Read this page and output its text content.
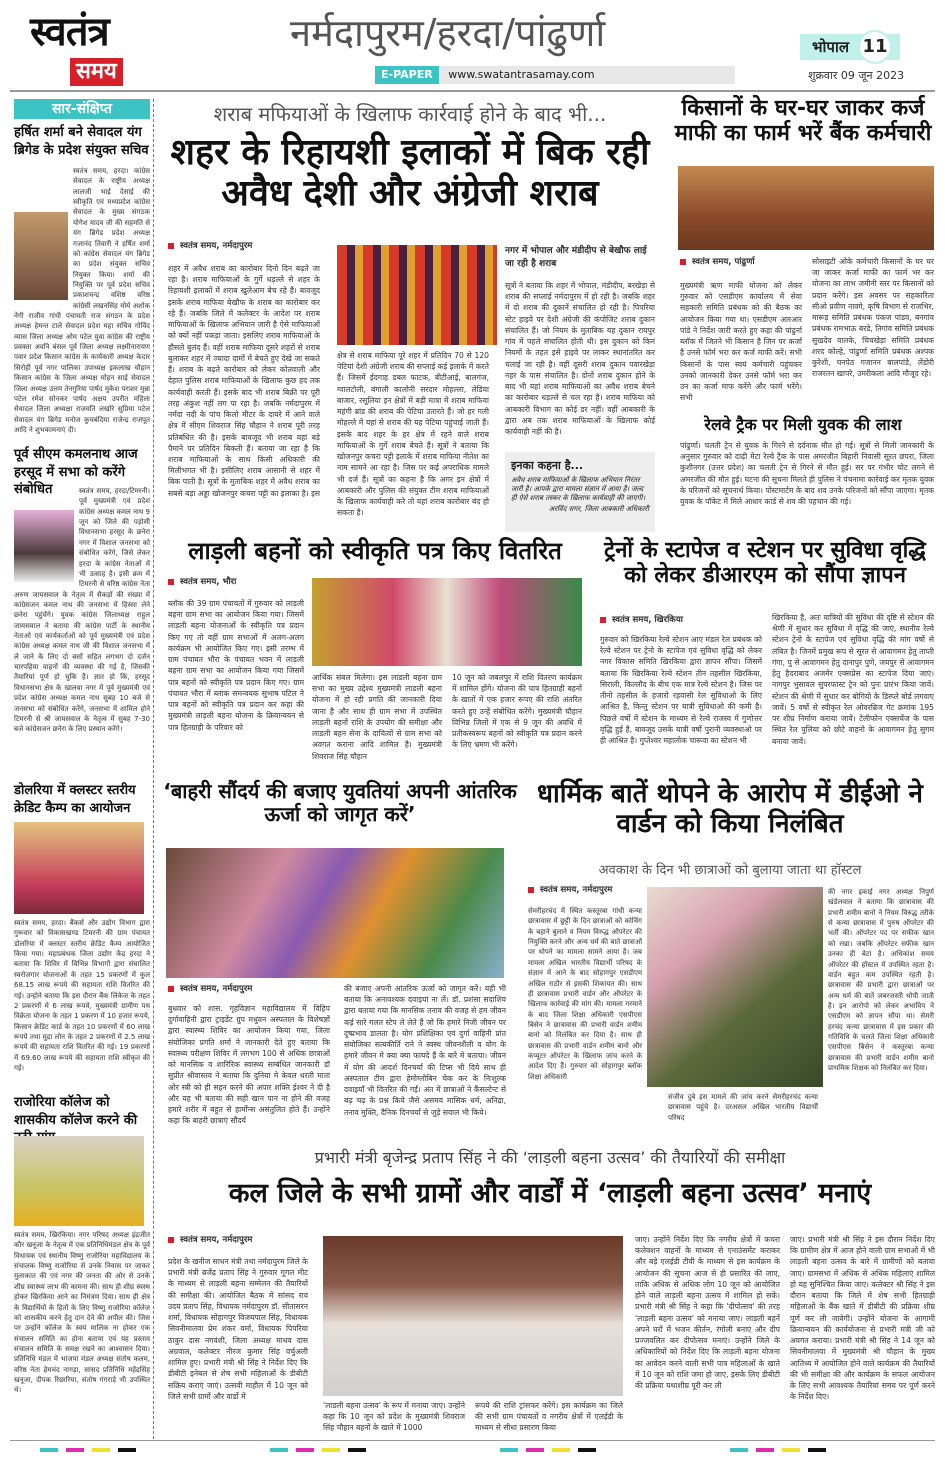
स्वतंत्र
समय
नर्मदापुरम/हरदा/पांढुर्णा
E-PAPER www.swatantrasamay.com
भोपाल 11
शुक्रवार 09 जून 2023
सार-संक्षिप्त
हर्षित शर्मा बने सेवादल यंग ब्रिगेड के प्रदेश संयुक्त सचिव
स्वतंत्र समय, हरदा। कांग्रेस सेवादल के राष्ट्रीय अध्यक्ष लालजी भाई देसाई की स्वीकृति एवं मध्यप्रदेश कांग्रेस सेवादल के मुख्य संगठक योगेश यादव जी की सहमति से यंग ब्रिगेड प्रदेश अध्यक्ष गजानंद तिवारी ने हर्षित शर्मा को कांग्रेस सेवादल यंग ब्रिगेड का प्रदेश संयुक्त सचिव नियुक्त किया। शर्मा की नियुक्ति पर पूर्व प्रदेश सचिव प्रकाशचन्द्र वशिष्ठ वरिष्ठ कांग्रेसी लखनसिंह मोर्य अशोक नेगी राजीव गांधी पंचायती राज संगठन के प्रदेश अध्यक्ष हेमन्त टाले सेवादल प्रदेश महा सचिव गोविंद व्यास जिला अध्यक्ष ओम पटेल युवा कांग्रेस की राष्ट्रीय प्रवक्ता अवनि बंसल पूर्व जिला अध्यक्ष लक्ष्मीनारायण पवार प्रदेश किसान कांग्रेस के कार्यकारी अध्यक्ष केदार सिरोही पूर्व नगर पालिका उपाध्यक्ष इकलाख चौहान किसान कांग्रेस के जिला अध्यक्ष मोहन साई सेवादल जिला अध्यक्ष उत्तम तेनगुरिया पार्षद मुकेश पराशर मुन्ना पटेल रमेश सोनकर पार्षद अक्षय उपरीत महिला सेवादल जिला अध्यक्षा राजवति लखोरे सुप्रिया पटेल सेवादल यंग ब्रिगेड मनोज कुचबंदिया राजेन्द्र राजपूत आदि ने शुभकामनाएं दी।
पूर्व सीएम कमलनाथ आज हरसूद में सभा को करेंगे संबोधित	स्वतंत्र समय, हरदा/टिमरनी। पूर्व मुख्यमंत्री एवं प्रदेश कांग्रेस अध्यक्ष कमल नाथ 9 जून को जिले की पड़ोसी विधानसभा हरसूद के छनेरा नगर में विशाल जनसभा को संबोधित करेंगे, जिसे लेकर हरदा के कांग्रेस नेताओं में भी उत्साह है। इसी क्रम में टिमरनी से वरिष्ठ कांग्रेस नेता अरुण जायसवाल के नेतृत्व में सैकड़ों की संख्या में कांग्रेसजन कमल नाथ की जनसभा में हिस्सा लेने छनेरा पहुंचेंगे। युवक कांग्रेस जिलाध्यक्ष राहुल जायसवाल ने बताया की कांग्रेस पार्टी के स्थानीय नेताओ एवं कार्यकर्ताओं को पूर्व मुख्यमंत्री एवं प्रदेश कांग्रेस अध्यक्ष कमल नाथ जी की विशाल जनसभा में ले जाने के लिए दो बसों सहित लगभग दो दर्जन चारपहिया वाहनों की व्यवस्था की गई है, जिसकी तैयारियां पूर्ण हो चुकि है। ज्ञात हो कि, हरसूद विधानसभा क्षेत्र के खालवा नगर में पूर्व मुख्यमंत्री एवं प्रदेश कांग्रेस अध्यक्ष कमल नाथ सुबह 10 बजे से जनसभा को संबोधित करेंगे, जनसभा में शामिल होने टिमरनी से श्री जायसवाल के नेतृत्व में सुबह 7-30 बजे कांग्रेसजन छनेरा के लिए प्रस्थान करेंगे।
डोलरिया में क्लस्टर स्तरीय क्रेडिट कैम्प का आयोजन
स्वतंत्र समय, हरदा। बैंकर्स और उद्योग विभाग द्वारा गुरूवार को विकासखण्ड टिमरनी की ग्राम पंचायत डोलरिया में क्लस्टर स्तरीय क्रेडिट कैम्प आयोजित किया गया। महाप्रबंधक जिला उद्योग केंद्र हरदा ने बताया कि शिविर में विभिन्न विभागों द्वारा संचालित स्वरोजगार योजनाओं के तहत 15 प्रकरणों में कुल 68.15 लाख रूपये की सहायता राशि वितरित की गई। उन्होने बताया कि इस दौरान बैंक लिंकेज के तहत 2 प्रकरणों मे 6 लाख रूपये, मुख्यमंत्री ग्रामीण पथ विक्रेता योजना के तहत 1 प्रकरण में 10 हजार रूपये, किसान क्रेडिट कार्ड के तहत 10 प्रकरणों में 60 लाख रूपये तथा मुद्रा लोन के तहत 2 प्रकरणों में 2.5 लाख रूपये की सहायता राशि वितरित की गई। 19 प्रकरणों में 69.60 लाख रूपये की सहायता राशि स्वीकृत की गई।
राजोरिया कॉलेज को शासकीय कॉलेज करने की
स्वतंत्र समय, खिरकिया। नगर परिषद अध्यक्ष इंद्रजीत कौर खनूजा के नेतृत्व में एक प्रतिनिधिमंडल क्षेत्र के पूर्व विधायक एवं स्थानीय विष्णु राजोरिया महाविद्यालय के संचालक विष्णु राजोरिया से उनके निवास पर जाकर मुलाकात की एवं नगर की जनता की ओर से उनके शीघ्र स्वास्थ्य लाभ की कामना की। साथ ही शीघ्र स्वस्थ होकर खिरकिया आने का निमंत्रण दिया। साथ ही क्षेत्र के विद्यार्थियों के हितों के लिए विष्णु राजोरिया कॉलेज को शासकीय करने हेतु दान देने की अपील की। जिस पर उन्होंने कॉलेज के स्वयं मालिक ना होकर एक संचालन समिति का होना बताया एवं यह प्रस्ताव संचालन समिति के समक्ष रखने का आश्वासन दिया। प्रतिनिधि मंडल में भाजपा मंडल अध्यक्ष संतोष कलम, वरिष्ठ नेता हेमचंद नागड़ा, सांसद प्रतिनिधि महेंद्रसिंह खनूजा, दीपक रिछारिया, संतोष गंगराड़े भी उपस्थित थे।
शराब मफियाओं के खिलाफ कार्रवाई होने के बाद भी...
शहर के रिहायशी इलाकों में बिक रही अवैध देशी और अंग्रेजी शराब
स्वतंत्र समय, नर्मदापुरम
शहर में अवैध शराब का कारोबार दिनो दिन बढ़ते जा रहा है। शराब माफियाओं के गुर्गे धड़ल्ले से शहर के रिहायशी इलाकों में शराब खुलेआम बेच रहे हैं। बावजूद इसके शराब माफिया बेखौफ के शराब का कारोबार कर रहे हैं। जबकि जिले में कलेक्टर के आदेश पर शराब माफियाओं के खिलाफ अभियान जारी है ऐसे माफियाओं को क्यों नहीं पकड़ा जाता। इसलिए शराब माफियाओं के हौसले बुलंद हैं। वहीं शराब माफिया दूसरे शहरों से शराब बुलाकर शहर में ज्यादा दामों में बेचते हुए देखे जा सकते हैं। शराब के बढ़ते कारोबार को लेकर कोतवाली और देहात पुलिस शराब माफियाओं के खिलाफ कुछ हद तक कार्यवाही करती हैं। इसके बाद भी शराब बिक्री पर पूरी तरह अंकुश नहीं लग पा रहा है। जबकि नर्मदापुरम में नर्मदा नदी के पांच किलो मीटर के दायरे में आने वाले क्षेत्र में सीएम शिवराज सिंह चौहान ने शराब पूरी तरह प्रतिबंधित की है। इसके बावजूद भी शराब यहां बड़े पैमाने पर प्रतिदिन बिकती हैं। बताया जा रहा है कि शराब माफियाओं के साथ किसी अधिकारी की मिलीभगत भी है। इसीलिए शराब आसानी से शहर में बिक पाती है। सूत्रों के मुताबिक शहर में अवैध शराब का सबसे बड़ा अड्डा खोजनपुर कचरा पट्टी का इलाका है। इस
क्षेत्र से शराब माफिया पूरे शहर में प्रतिदिन 70 से 120 पेटियां देशी अंग्रेजी शराब की सप्लाई कई इलाके में करते हैं। जिसमें ईदगाह डबल फाटक, बीटीआई, बालगंज, ग्वालटोली, बंगाली कालोनी सरदार मोहल्ला, लेडिया बाजार, रसूलिया इन क्षेत्रों में बड़ी मात्रा में शराब माफिया महंगी ब्रांड की शराब की पेटिया उतारते हैं। जो हर गली मोहल्ले में यहां से शराब की यह पेटिया पहुंचाई जाती हैं। इसके बाद शहर के हर क्षेत्र में रहने वाले शराब माफियाओं के गुर्गे शराब बेचते हैं। सूत्रों ने बताया कि खोजनपुर कचरा पट्टी इलाके में शराब माफिया नीतेश का नाम सामने आ रहा है। जिस पर कई अपराधिक मामले भी दर्ज हैं। सूत्रों का कहना है कि अगर इन क्षेत्रों में आबकारी और पुलिस की संयुक्त टीम शराब माफियाओं के खिलाफ कार्यवाही करे तो यहां शराब कारोबार बंद हो सकता है।
नगर में भोपाल और मंडीदीप से बेखौफ लाई जा रही है शराब
सूत्रों ने बताया कि शहर में भोपाल, मंडीदीप, बरखेड़ा से शराब की सप्लाई नर्मदापुरम में हो रही है। जबकि शहर में दो शराब की दुकानें संचालित हो रही है। पिपरिया स्टेट हाइवे पर देशी अंग्रेजी की कंपोजिट शराब दुकान संचालित हैं। जो नियम के मुताबिक यह दुकान रायपुर गांव में पहले संचालित होती थी। इस दुकान को किन नियमों के तहत इसे हाइवे पर लाकर स्थानांतरित कर चलाई जा रही है। वहीं दूसरी शराब दुकान पवारखेड़ा नहर के पास संचालित है। दोनों शराब दुकान होने के बाद भी यहां शराब माफियाओं का अवैध शराब बेचने का कारोबार धड़ल्ले से चल रहा है। शराब माफिया को आबकारी विभाग का कोई डर नहीं। वहीं आबकारी के द्वारा अब तक शराब माफियाओं के खिलाफ कोई कार्यवाही नहीं की है।
इनका कहना है...
अवैध शराब माफियाओं के खिलाफ अभियान निरंतर जारी है। आपके द्वारा मामला संज्ञान में आया है। जल्द ही ऐसे शराब तस्कर के खिलाफ कार्यवाही की जाएगी।
अरविंद सगर, जिला आबकारी अधिकारी
किसानों के घर-घर जाकर कर्ज माफी का फार्म भरें बैंक कर्मचारी
स्वतंत्र समय, पांढुर्णा
मुख्यमंत्री ऋण माफी योजना को लेकर गुरुवार को एसडीएम कार्यालय में सेवा सहकारी समिति प्रबंधक को की बैठक का आयोजन किया गया था। एसडीएम आरआर पांडे ने निर्देश जारी करते हुए कहा की पांढुर्ना ब्लॉक में जितने भी किसान है जिन पर कर्जा है उनसे फॉर्म भरा कर कर्ज माफी करें। सभी किसानों के पास स्वयं कर्मचारी पहुंचकर उनको जानकारी देकर उनसे फॉर्म भरा कर उन का कर्जा माफ करेंगे और फार्म भरेंगे। सभी
सोसाइटी ओके कर्मचारी किसानों के घर घर जा जाकर कर्जा माफी का फार्म भर कर योजना का लाभ जमीनी स्तर पर किसानों को प्रदान करेंगे। इस अवसर पर सहकारिता सीओ प्रवीण नावगे, कृषि विभाग से राजभिर, मारूड़ समिति प्रबंधक पंकज पांडव, बनगांव प्रबंधक रामभाऊ बरडे, तिगांव समिति प्रबंधक सुखदेव वालके, चिचखेड़ा समिति प्रबंधक शरद कोल्हे, पांढुर्णा समिति प्रबंधक अश्पक कुरेशी, घनपेठ गजानन बालपांडे, लेंडोरी राजरतन खापरे, उमरीकला आदि मौजूद रहे।
रेलवे ट्रैक पर मिली युवक की लाश
पांढुर्णा। चलती ट्रेन से युवक के गिरने से दर्दनाक मौत हो गई। सूत्रों से मिली जानकारी के अनुसार गुरुवार को दाढ़ी मेटा रेल्वे ट्रैक के पास अमरजीत बिहारी निवासी सूरत छपरा, जिला कुशीनगर (उत्तर प्रदेश) का चलती ट्रेन से गिरने से मौत हुई। सर पर गंभीर चोट लगने से अमरजीत की मौत हुई। घटना की सूचना मिलते ही पुलिस ने पंचनामा कार्रवाई कर मृतक युवक के परिजनों को सूचनार्थ किया। पोस्टमार्टम के बाद शव उनके परिजनों को सौंपा जाएगा। मृतक युवक के पॉकेट में मिले आधार कार्ड से शव की पहचान की गई।
लाड़ली बहनों को स्वीकृति पत्र किए वितरित
स्वतंत्र समय, भौरा
ब्लॉक की 39 ग्राम पंचायतों में गुरुवार को लाड़ली बहना ग्राम सभा का आयोजन किया गया। जिसमें लाड़ली बहना योजनाओं के स्वीकृति पत्र प्रदान किए गए तो वहीं ग्राम सभाओं में अलग-अलग कार्यक्रम भी आयोजित किए गए। इसी तरम्भ में ग्राम पंचायत भौरा के पंचायत भवन में लाड़ली बहना ग्राम सभा का आयोजन किया गया जिसमें पात्र बहनों को स्वीकृति पत्र प्रदान किए गए। ग्राम पंचायत भौरा में ब्लाक समन्वयक सुभाष पटिल ने पात्र बहनों को स्वीकृति पत्र प्रदान कर कहा की मुख्यमंत्री लाड़ली बहना योजना के क्रियान्वयन से पात्र हितग्राही के परिवार को
आर्थिक संबल मिलेगा। इस लाडली बहना ग्राम सभा का मुख्य उद्देश्य मुख्यमंत्री लाडली बहना योजना में हो रही प्रगति की जानकारी दिया जाना है और साथ ही ग्राम सभा में उपस्थित लाड़ली बहनों राशि के उपयोग की समीक्षा और लाडली बहन सेना के दायित्वों से ग्राम सभा को अवगत कराना आदि शामिल है। मुख्यमंत्री शिवराज सिंह चौहान
10 जून को जबलपुर में राशि वितरण कार्यक्रम में शामिल होंगे। योजना की पात्र हितग्राही बहनों के खातों में एक हजार रूपए की राशि अंतरित करते हुए उन्हें संबोधित करेंगे। मुख्यमंत्री चौहान विभिन्न जिलों में एक से 9 जून की अवधि में प्रतीकस्वरूप बहनों को स्वीकृति पत्र प्रदान करने के लिए भ्रमण भी करेंगे।
ट्रेनों के स्टापेज व स्टेशन पर सुविधा वृद्धि को लेकर डीआरएम को सौंपा ज्ञापन
स्वतंत्र समय, खिरकिया
गुरुवार को खिरकिया रेल्वे स्टेशन आए मंडल रेल प्रबंधक को रेल्वे स्टेशन पर ट्रेनो के स्टापेज एवं सुविधा वृद्धि को लेकर नगर विकास समिति खिरकिया द्वारा ज्ञापन सौंपा। जिसमें बताया कि खिरकिया रेल्वे स्टेशन तीन तहसील खिरकिया, सिराली, किल्लौद के बीच एक मात्र रेल्वे स्टेशन है। जिस पर तीनो तहसील के हजारो रहवासी रेल सुविधाओ के लिए आश्रित है, किन्तु स्टेशन पर यात्री सुविधाओ की कमी है। पिछले वर्षो में स्टेशन के माध्यम से रेल्वे राजस्व में गुणोत्तर वृद्धि हुई है, बावजूद उसके यात्री वर्षो पुरानी व्यवस्थाओ पर ही आश्रित है। गुप्तेश्वर महालोक चारूवा का स्टेशन भी
खिरकिया है, अतः यात्रियों की सुविधा की दृष्टि से स्टेशन की श्रेणी में सुधार कर सुविधा में वृद्धि की जाएं, स्थानीय रेल्वे स्टेशन ट्रेनो के स्टापेज एवं सुविधा वृद्धि की मांग वर्षो से लंबित है। जिनमें प्रमुख रूप से सूरत से आवागमन हेतु ताप्ती गंगा, पु से आवागमन हेतु दानापुर पुणे, जयपुर से आवागमन हेतु हैदराबाद अजमेर एक्सप्रेस का स्टापेज दिया जाएं। नागपुर भुसावल सुपरफास्ट ट्रेन को पुनः प्रारंभ किया जावें। स्टेशन की श्रेणी में सुधार कर बोगियो के डिस्प्ले बोर्ड लगवाए जावें। 5 वर्षो से स्वीकृत रेल ओवरब्रिज गेट क्रमांक 195 पर शीघ्र निर्माण कराया जावें। टेलीफोन एक्सचेंज के पास स्थित रेल पुलिया को छोटे वाहनो के आवागमन हेतु सुगम बनाया जावें।
‘बाहरी सौंदर्य की बजाए युवतियां अपनी आंतरिक ऊर्जा को जागृत करें’
स्वतंत्र समय, नर्मदापुरम
बुधवार को शास. गृहविज्ञान महाविद्यालय में विहिप दुर्गावाहिनी द्वारा ट्राइडेंट ग्रुप मधुवन अस्पताल के विशेषज्ञों द्वारा स्वास्थ्य शिविर का आयोजन किया गया, जिला संयोजिका प्रगति शर्मा ने जानकारी देते हुए बताया कि स्वास्थ्य परीक्षण शिविर में लगभग 100 से अधिक छात्राओं को मानसिक व शारिरिक स्वास्थ्य सम्बंधित जानकारी डॉ सुप्रीत श्रीवास्तव ने बताया कि दुनिया मे केवल धरती माता ओर स्त्री को ही सहन करने की अपार शक्ति ईश्वर ने दी है और यह भी बताया की सही खान पान ना होने की वजह हमारे शरीर में बहुत से हार्मोन्स असंतुलित होते हैं। उन्होंने कहा कि बाहरी छात्राएं सौंदर्य
की बजाए अपनी आंतरिक ऊर्जा को जागृत करें। यही भी बताया कि अनावश्यक दवाइयां ना लें। डॉ. प्रशंसा सदाशिव द्वारा बताया गया कि मानसिक तनाव की वजह से हम जीवन कई सारे गलत स्टेप ले लेते हैं जो कि हमारे निजी जीवन पर दुष्प्रभाव डालता है। योग प्रशिक्षिका एवं दुर्गा वाहिनी प्रांत संयोजिका सत्यकीर्ति राने ने स्वस्थ जीवनशैली व योग के हमारे जीवन मे क्या क्या फायदे हैं के बारे मे बताया। जीवन में योग की आदर्श दिनचर्या की टिप्स भी दिये साथ ही अस्पताल टीम द्वारा हेमोग्लोबिन चेक कर के निःशुल्क दवाइयाँ भी वितरित की गईं। अंत में छात्राओं ने कैंसल्टेन्ट से बढ़ चढ़ के प्रश्न किये जैसे असमय मासिक धर्म, अनिद्रा, तनाव मुक्ति, दैनिक दिनचर्या से जुड़े सवाल भी किये।
धार्मिक बातें थोपने के आरोप में डीईओ ने वार्डन को किया निलंबित
अवकाश के दिन भी छात्राओं को बुलाया जाता था हॉस्टल
स्वतंत्र समय, नर्मदापुरम
सेमरीहरचंद में स्थित कस्तूरबा गांधी कन्या छात्रावास में छुट्टी के दिन छात्राओं को कोचिंग के बहाने बुलाने व नियम विरुद्ध ऑपरेटर की नियुक्ति करने और अन्य धर्म की बाते छात्राओं पर थोपने का मामला सामने आया है। जब मामला अखिल भारतीय विद्यार्थी परिषद के संज्ञान में आने के बाद सोहागपुर एसडीएम अखिल राठौर से इसकी शिकायत की। साथ ही छात्रावास प्रभारी वार्डन और ऑपरेटर के खिलाफ कार्रवाई की मांग की। मामला गरमाने के बाद जिला शिक्षा अधिकारी एसपीएस बिसेन ने छात्रावास की प्रभारी वार्डन शमीम बानो को निलंबित कर दिया है। साथ ही छात्रावास की प्रभारी वार्डन शमीम बानो और कंप्यूटर ऑपरेटर के खिलाफ जांच करने के आदेश दिए हैं। गुरुवार को सोहागपुर ब्लॉक शिक्षा अधिकारी
संजीव दुबे इस मामले की जांच करने सेमरीहरचंद कन्या छात्रावास पहुंचे है। दरअसल अखिल भारतीय विद्यार्थी परिषद
की नगर इकाई नगर अध्यक्ष निपुर्ण खंडेलवाल ने बताया कि छात्रावास की प्रभारी शमीम बानो ने नियम विरुद्ध तरीके से कन्या छात्रावास में पुरुष ऑपरेटर की भर्ती की। ऑपरेटर पद पर सफीक खान को रखा। जबकि ऑपरेटर सफीक खान उनका ही बेटा है। अधिकांश समय ऑपरेटर की हॉस्टल में उपस्थित रहता है। वार्डन बहुत कम उपस्थित रहती है। छात्रावास की प्रभारी द्वारा छात्राओं पर अन्य धर्म की बातें जबरजस्ती थोपी जाती है। इन आरोपो को लेकर अभाविप ने एसडीएम को ज्ञापन सौंपा था। सेमरी हरचंद कन्या छात्रावास में इस प्रकार की गतिविधि के चलते जिला शिक्षा अधिकारी एसपीएस बिसेन ने कस्तूरबा कन्या छात्रावास की प्रभारी वार्डन शमीम बानो प्राथमिक शिक्षक को निलंबित कर दिया।
प्रभारी मंत्री बृजेन्द्र प्रताप सिंह ने की ‘लाड़ली बहना उत्सव’ की तैयारियों की समीक्षा
कल जिले के सभी ग्रामों और वार्डों में ‘लाड़ली बहना उत्सव’ मनाएं
स्वतंत्र समय, नर्मदापुरम
प्रदेश के खनीज साधन मंत्री तथा नर्मदापुरम जिले के प्रभारी मंत्री ब्रजेंद्र प्रताप सिंह ने गुरुवार गूगल मीट के माध्यम से लाड़ली बहना सम्मेलन की तैयारियों की समीक्षा की। आयोजित बैठक में सांसद राव उदय प्रताप सिंह, विधायक नर्मदापुरम डॉ. सीतासरन शर्मा, विधायक सोहागपुर विजयपाल सिंह, विधायक सिवनीमालवा प्रेम शंकर वर्मा, विधायक पिपरिया ठाकुर दास नगवंशी, जिला अध्यक्ष माधव दास अग्रवाल, कलेक्टर नीरज कुमार सिंह वर्चुअली शामिल हुए। प्रभारी मंत्री श्री सिंह ने निर्देश दिए कि डीबीटी इनेबल से शेष सभी महिलाओं के डीबीटी सक्रिय कराएं जाएं। उत्सवी माहौल में 10 जून को जिले सभी ग्रामों और वार्डो में
'लाडली बहना उत्सव' के रूप में मनाया जाए। उन्होंने कहा कि 10 जून को प्रदेश के मुख्यमंत्री शिवराज सिंह चौहान बहनों के खाते में 1000
रूपये की राशि ट्रांसफर करेंगे। इस कार्यक्रम का जिले की सभी ग्राम पंचायतों व नगरीय क्षेत्रों में एलईडी के माध्यम से सीधा प्रसारण किया
जाए। उन्होंने निर्देश दिए कि नगरीय क्षेत्रों में कचरा कलेक्शन वाहनों के माध्यम से एनाउंसमेंट कराकर और बड़े एलईडी टीवी के माध्यम से इस कार्यक्रम के आयोजन की सूचना आज से ही प्रसारित की जाए, ताकि अधिक से अधिक लोग 10 जून को आयोजित होने वाले लाड़ली बहना उत्सव में शामिल हो सकें। प्रभारी मंत्री श्री सिंह ने कहा कि 'दीपोत्सव' की तरह 'लाड़ली बहना उत्सव' को मनाया जाए। लाड़ली बहनें अपने घरों में भजन कीर्तन, रंगोली बनाएं और दीप प्रज्जवलित कर दीपोत्सव मनाएं। उन्होंने जिले के अधिकारियों को निर्देश दिए कि लाड़ली बहना योजना का आवेदन करने वाली सभी पात्र महिलाओं के खाते में 10 जून को राशि जमा हो जाए, इसके लिए डीबीटी की प्रक्रिया यथाशीघ्र पूरी कर ली
जाए। प्रभारी मंत्री श्री सिंह ने इस दौरान निर्देश दिए कि ग्रामीण क्षेत्र में आज होने वाली ग्राम सभाओं में भी लाड़ली बहना उत्सव के बारे में ग्रामीणों को बताया जाए। ग्रामसभा में अधिक से अधिक महिलाएं शामिल हो यह सुनिश्चित किया जाए। कलेक्टर श्री सिंह ने इस दौरान बताया कि जिले में शेष सभी हितग्राही महिलाओं के बैंक खाते में डीबीटी की प्रक्रिया शीघ्र पूर्ण कर ली जावेगी। उन्होंने योजना के आगामी क्रियान्वयन की कार्ययोजना से प्रभारी मंत्री जी को अवगत कराया। प्रभारी मंत्री श्री सिंह ने 14 जून को सिवनीमालवा में मुख्यमंत्री श्री चौहान के मुख्य आतिथ्य में आयोजित होने वाले कार्यक्रम की तैयारियों की भी समीक्षा की और कार्यक्रम के सफल आयोजन के लिए सभी आवश्यक तैयारियां समय पर पूर्ण करने के निर्देश दिए।
